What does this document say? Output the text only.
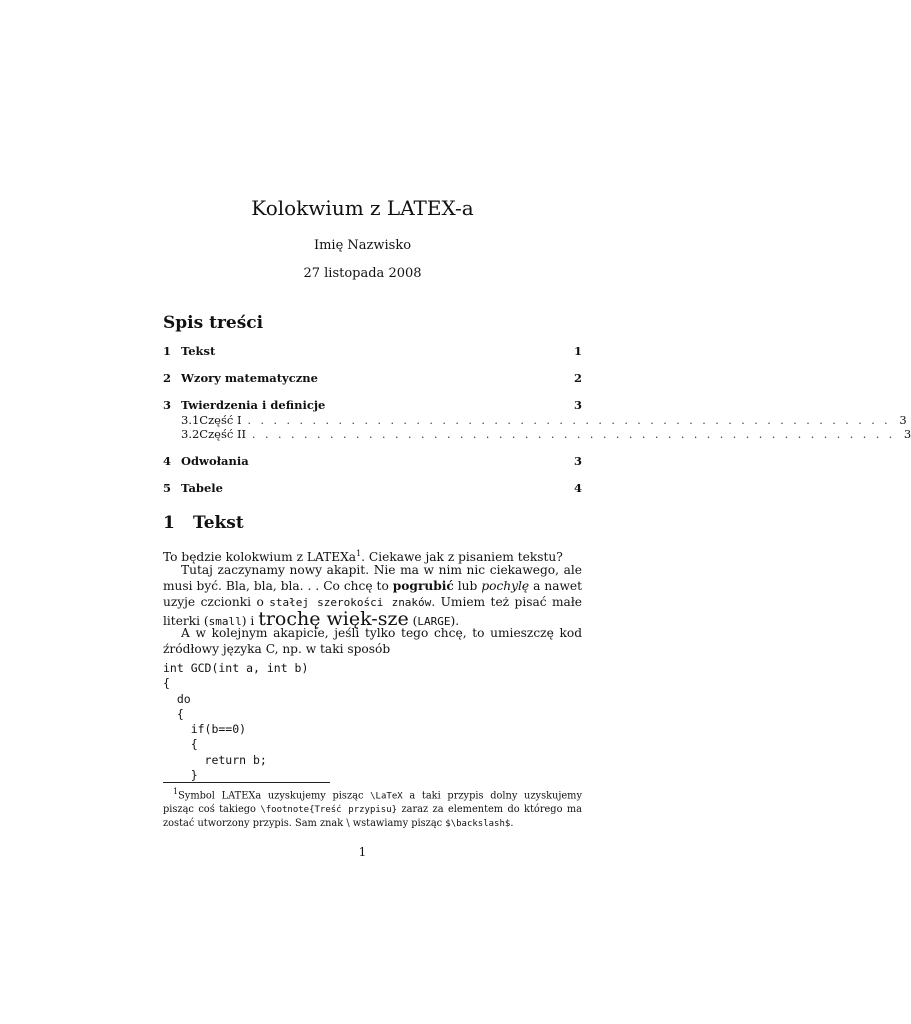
Kolokwium z LATEX-a
Imię Nazwisko
27 listopada 2008
Spis treści
1 Tekst	1
2 Wzory matematyczne	2
3 Twierdzenia i definicje	3
3.1 Część I . . . . . . . . . . . . . . . . . . . . . . . . . . . . . . . . . . . . . . . . . . . . . . . . . . 3
3.2 Część II . . . . . . . . . . . . . . . . . . . . . . . . . . . . . . . . . . . . . . . . . . . . . . . . . . 3
4 Odwołania	3
5 Tabele	4
1 Tekst
To będzie kolokwium z LATEXa$^1$. Ciekawe jak z pisaniem tekstu?
Tutaj zaczynamy nowy akapit. Nie ma w nim nic ciekawego, ale musi być. Bla, bla, bla. . . Co chcę to pogrubić lub pochylę a nawet uzyje czcionki o stałej szerokości znaków. Umiem też pisać małe literki (small) i trochę więk-sze (LARGE).
A w kolejnym akapicie, jeśli tylko tego chcę, to umieszczę kod źródłowy języka C, np. w taki sposób
int GCD(int a, int b)
{
do
{
if(b==0)
{
return b;
}
$^1$Symbol LATEXa uzyskujemy pisząc \LaTeX a taki przypis dolny uzyskujemy pisząc coś takiego \footnote{Treść przypisu} zaraz za elementem do którego ma zostać utworzony przypis. Sam znak \ wstawiamy pisząc $\backslash$.
1
